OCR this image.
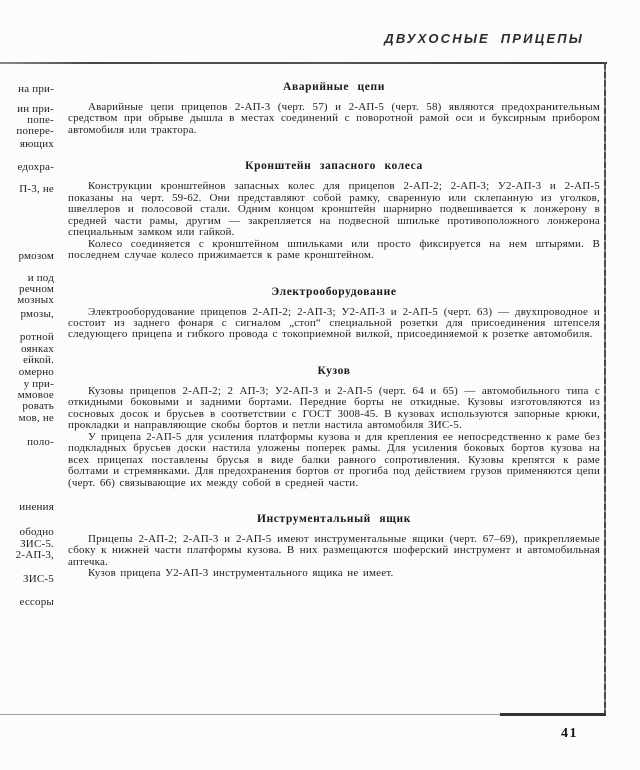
ДВУХОСНЫЕ ПРИЦЕПЫ
на при-
ин при-
попе-
попере-
яющих
едохра-
П-3, не
рмозом
и под
речном
мозных
рмозы,
ротной
оянках
ейкой.
омерно
у при-
ммовое
ровать
мов, не
поло-
инения
ободно
ЗИС-5.
2-АП-3,
ЗИС-5
ессоры
Аварийные цепи

Аварийные цепи прицепов 2-АП-3 (черт. 57) и 2-АП-5 (черт. 58) являются предохранительным средством при обрыве дышла в местах соединений с поворотной рамой оси и буксирным прибором автомобиля или трактора.

Кронштейн запасного колеса

Конструкции кронштейнов запасных колес для прицепов 2-АП-2; 2-АП-3; У2-АП-3 и 2-АП-5 показаны на черт. 59-62. Они представляют собой рамку, сваренную или склепанную из уголков, швеллеров и полосовой стали. Одним концом кронштейн шарнирно подвешивается к лонжерону в средней части рамы, другим — закрепляется на подвесной шпильке противоположного лонжерона специальным замком или гайкой.

Колесо соединяется с кронштейном шпильками или просто фиксируется на нем штырями. В последнем случае колесо прижимается к раме кронштейном.

Электрооборудование

Электрооборудование прицепов 2-АП-2; 2-АП-3; У2-АП-3 и 2-АП-5 (черт. 63) — двухпроводное и состоит из заднего фонаря с сигналом „стоп“ специальной розетки для присоединения штепселя следующего прицепа и гибкого провода с токоприемной вилкой, присоединяемой к розетке автомобиля.

Кузов

Кузовы прицепов 2-АП-2; 2 АП-3; У2-АП-3 и 2-АП-5 (черт. 64 и 65) — автомобильного типа с откидными боковыми и задними бортами. Передние борты не откидные. Кузовы изготовляются из сосновых досок и брусьев в соответствии с ГОСТ 3008-45. В кузовах используются запорные крюки, прокладки и направляющие скобы бортов и петли настила автомобиля ЗИС-5.

У прицепа 2-АП-5 для усиления платформы кузова и для крепления ее непосредственно к раме без подкладных брусьев доски настила уложены поперек рамы. Для усиления боковых бортов кузова на всех прицепах поставлены брусья в виде балки равного сопротивления. Кузовы крепятся к раме болтами и стремянками. Для предохранения бортов от прогиба под действием грузов применяются цепи (черт. 66) связывающие их между собой в средней части.

Инструментальный ящик

Прицепы 2-АП-2; 2-АП-3 и 2-АП-5 имеют инструментальные ящики (черт. 67–69), прикрепляемые сбоку к нижней части платформы кузова. В них размещаются шоферский инструмент и автомобильная аптечка.

Кузов прицепа У2-АП-3 инструментального ящика не имеет.

41
